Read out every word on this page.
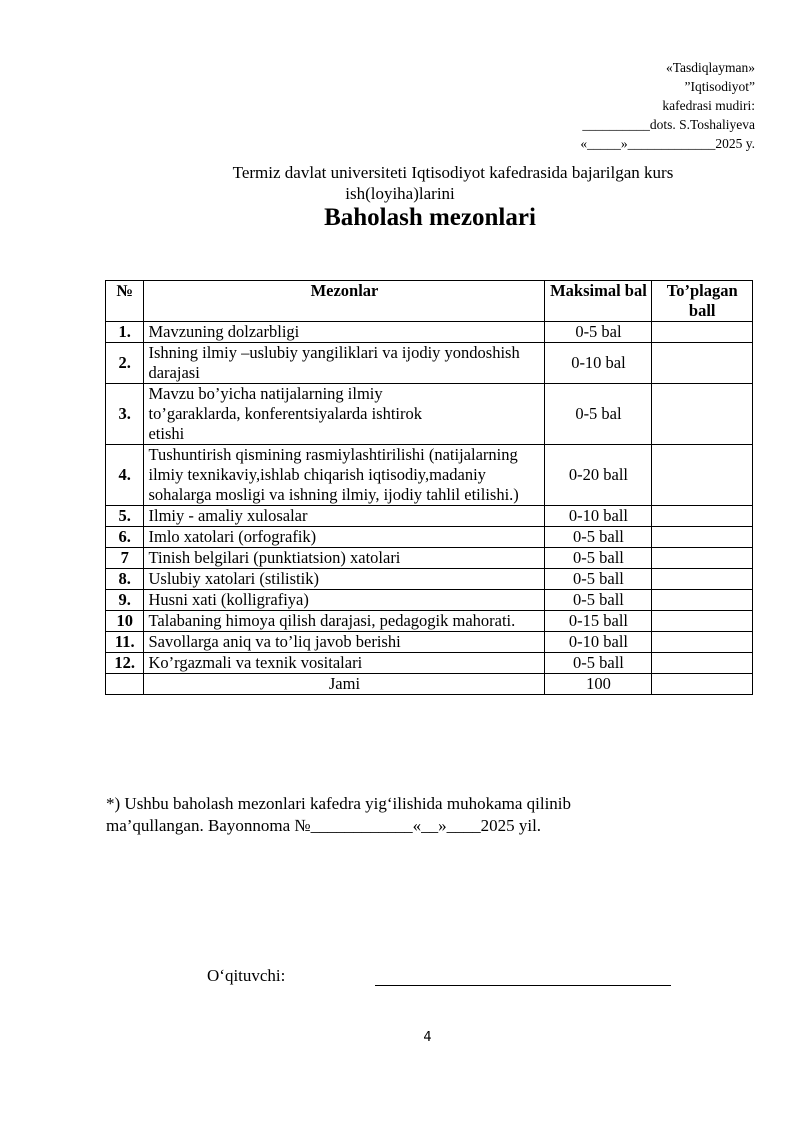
«Tasdiqlayman»
”Iqtisodiyot”
kafedrasi mudiri:
__________dots. S.Toshaliyeva
«_____»_____________2025 y.
Termiz davlat universiteti Iqtisodiyot kafedrasida bajarilgan kurs
ish(loyiha)larini
Baholash mezonlari
№	Mezonlar	Maksimal bal	To’plagan ball
1.	Mavzuning dolzarbligi	0-5 bal	
2.	Ishning ilmiy –uslubiy yangiliklari va ijodiy yondoshish darajasi	0-10 bal	
3.	Mavzu bo’yicha natijalarning ilmiy to’garaklarda, konferentsiyalarda ishtirok etishi	0-5 bal	
4.	Tushuntirish qismining rasmiylashtirilishi (natijalarning ilmiy texnikaviy,ishlab chiqarish iqtisodiy,madaniy sohalarga mosligi va ishning ilmiy, ijodiy tahlil etilishi.)	0-20 ball	
5.	Ilmiy - amaliy xulosalar	0-10 ball	
6.	Imlo xatolari (orfografik)	0-5 ball	
7	Tinish belgilari (punktiatsion) xatolari	0-5 ball	
8.	Uslubiy xatolari (stilistik)	0-5 ball	
9.	Husni xati (kolligrafiya)	0-5 ball	
10	Talabaning himoya qilish darajasi, pedagogik mahorati.	0-15 ball	
11.	Savollarga aniq va to’liq javob berishi	0-10 ball	
12.	Ko’rgazmali va texnik vositalari	0-5 ball	
	Jami	100	
*) Ushbu baholash mezonlari kafedra yig‘ilishida muhokama qilinib
ma’qullangan. Bayonnoma №____________«__»____2025 yil.
O‘qituvchi:
4
